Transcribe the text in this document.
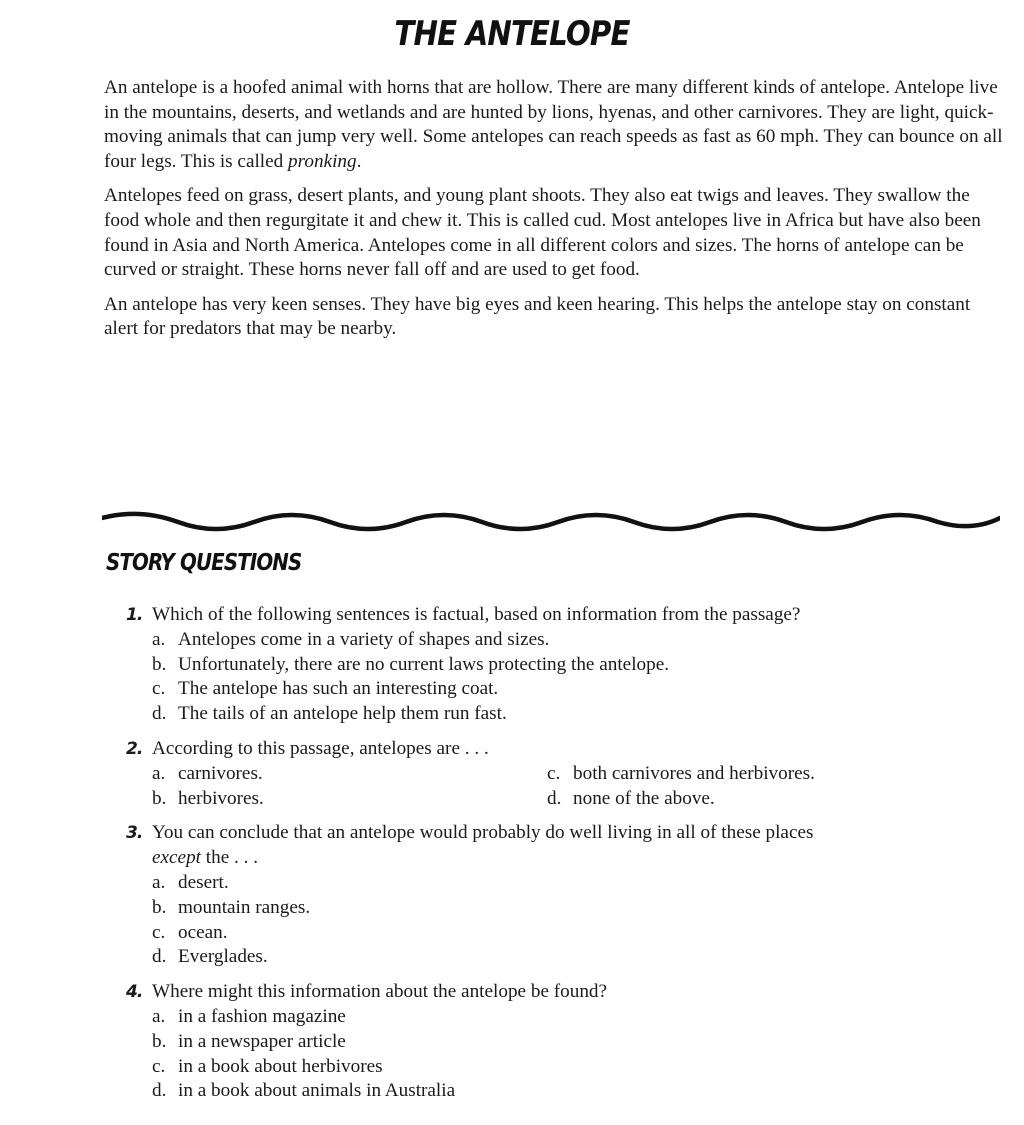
THE ANTELOPE

An antelope is a hoofed animal with horns that are hollow. There are many different kinds of antelope. Antelope live in the mountains, deserts, and wetlands and are hunted by lions, hyenas, and other carnivores. They are light, quick-moving animals that can jump very well. Some antelopes can reach speeds as fast as 60 mph. They can bounce on all four legs. This is called pronking.

Antelopes feed on grass, desert plants, and young plant shoots. They also eat twigs and leaves. They swallow the food whole and then regurgitate it and chew it. This is called cud. Most antelopes live in Africa but have also been found in Asia and North America. Antelopes come in all different colors and sizes. The horns of antelope can be curved or straight. These horns never fall off and are used to get food.

An antelope has very keen senses. They have big eyes and keen hearing. This helps the antelope stay on constant alert for predators that may be nearby.

STORY QUESTIONS
1. Which of the following sentences is factual, based on information from the passage?
a. Antelopes come in a variety of shapes and sizes.
b. Unfortunately, there are no current laws protecting the antelope.
c. The antelope has such an interesting coat.
d. The tails of an antelope help them run fast.
2. According to this passage, antelopes are . . .
a. carnivores.	c. both carnivores and herbivores.
b. herbivores.	d. none of the above.
3. You can conclude that an antelope would probably do well living in all of these places except the . . .
a. desert.
b. mountain ranges.
c. ocean.
d. Everglades.
4. Where might this information about the antelope be found?
a. in a fashion magazine
b. in a newspaper article
c. in a book about herbivores
d. in a book about animals in Australia
